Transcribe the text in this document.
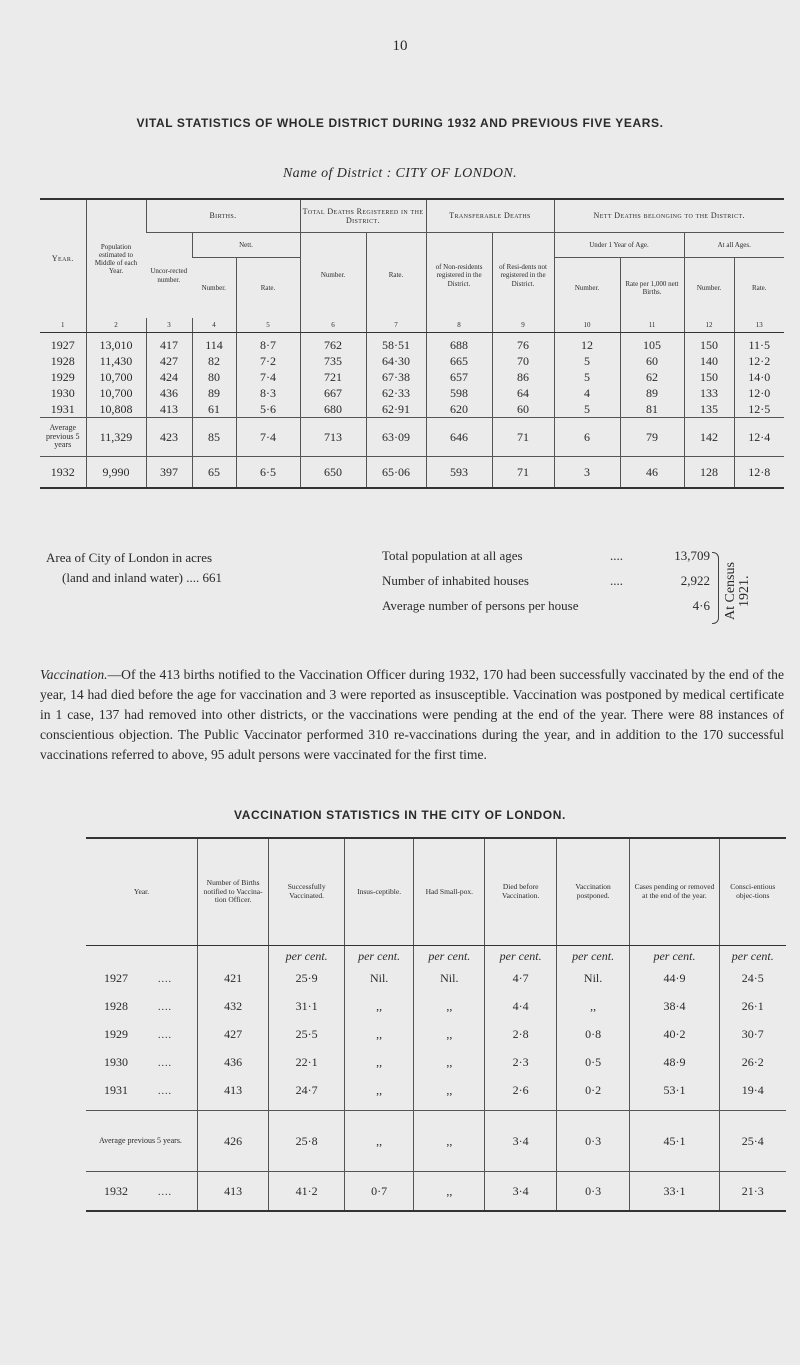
10
VITAL STATISTICS OF WHOLE DISTRICT DURING 1932 AND PREVIOUS FIVE YEARS.
Name of District : CITY OF LONDON.
Year.	Population estimated to Middle of each Year.	Births.			Total Deaths Registered in the District.		Transferable Deaths		Nett Deaths belonging to the District.			
		Uncor-rected number.	Nett.		Number.	Rate.	of Non-residents registered in the District.	of Resi-dents not registered in the District.	Under 1 Year of Age.		At all Ages.	
			Number.	Rate.					Number.	Rate per 1,000 nett Births.	Number.	Rate.
1	2	3	4	5	6	7	8	9	10	11	12	13
1927	13,010	417	114	8·7	762	58·51	688	76	12	105	150	11·5
1928	11,430	427	82	7·2	735	64·30	665	70	5	60	140	12·2
1929	10,700	424	80	7·4	721	67·38	657	86	5	62	150	14·0
1930	10,700	436	89	8·3	667	62·33	598	64	4	89	133	12·0
1931	10,808	413	61	5·6	680	62·91	620	60	5	81	135	12·5
Average previous 5 years	11,329	423	85	7·4	713	63·09	646	71	6	79	142	12·4
1932	9,990	397	65	6·5	650	65·06	593	71	3	46	128	12·8
Area of City of London in acres
(land and inland water) .... 661
Total population at all ages	....	13,709
Number of inhabited houses	....	2,922
Average number of persons per house	4·6 At Census 1921.
Vaccination.—Of the 413 births notified to the Vaccination Officer during 1932, 170 had been successfully vaccinated by the end of the year, 14 had died before the age for vaccination and 3 were reported as insusceptible. Vaccination was postponed by medical certificate in 1 case, 137 had removed into other districts, or the vaccinations were pending at the end of the year. There were 88 instances of conscientious objection. The Public Vaccinator performed 310 re-vaccinations during the year, and in addition to the 170 successful vaccinations referred to above, 95 adult persons were vaccinated for the first time.
VACCINATION STATISTICS IN THE CITY OF LONDON.
Year.	Number of Births notified to Vaccina-tion Officer.	Successfully Vaccinated.	Insus-ceptible.	Had Small-pox.	Died before Vaccination.	Vaccination postponed.	Cases pending or removed at the end of the year.	Consci-entious objec-tions
		per cent.	per cent.	per cent.	per cent.	per cent.	per cent.	per cent.
1927 ....	421	25·9	Nil.	Nil.	4·7	Nil.	44·9	24·5
1928 ....	432	31·1	,,	,,	4·4	,,	38·4	26·1
1929 ....	427	25·5	,,	,,	2·8	0·8	40·2	30·7
1930 ....	436	22·1	,,	,,	2·3	0·5	48·9	26·2
1931 ....	413	24·7	,,	,,	2·6	0·2	53·1	19·4

Average previous 5 years.	426	25·8	,,	,,	3·4	0·3	45·1	25·4
1932 ....	413	41·2	0·7	,,	3·4	0·3	33·1	21·3
